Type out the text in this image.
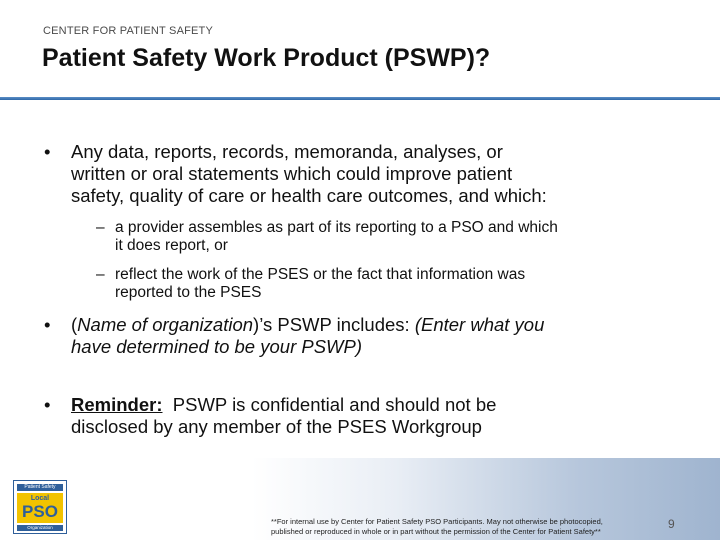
CENTER FOR PATIENT SAFETY
Patient Safety Work Product (PSWP)?
• Any data, reports, records, memoranda, analyses, or
written or oral statements which could improve patient
safety, quality of care or health care outcomes, and which:
– a provider assembles as part of its reporting to a PSO and which
it does report, or
– reflect the work of the PSES or the fact that information was
reported to the PSES
• (Name of organization)’s PSWP includes: (Enter what you
have determined to be your PSWP)
• Reminder:  PSWP is confidential and should not be
disclosed by any member of the PSES Workgroup
Patient Safety
Local
PSO
Organization
**For internal use by Center for Patient Safety PSO Participants. May not otherwise be photocopied,
published or reproduced in whole or in part without the permission of the Center for Patient Safety**
9
